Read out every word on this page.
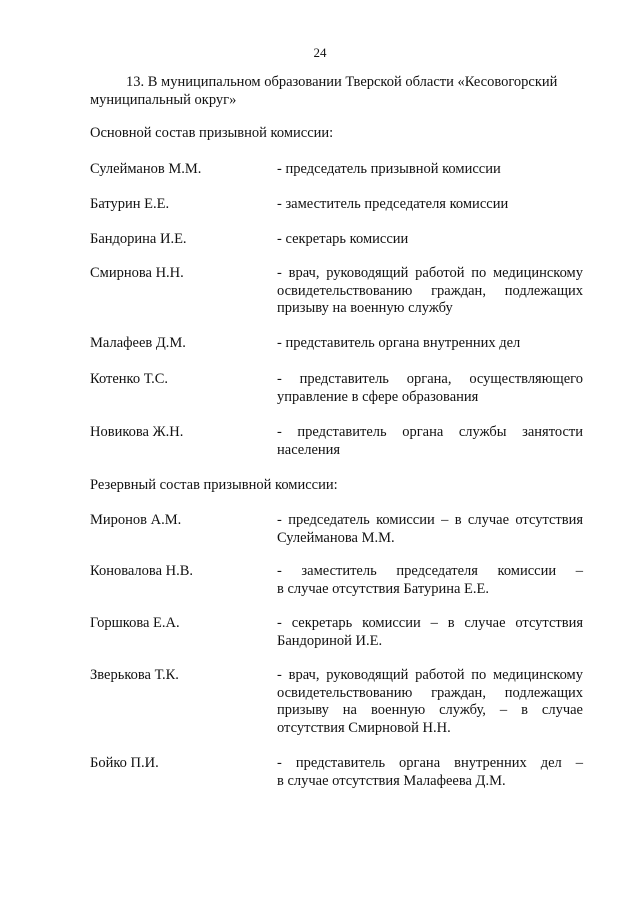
24
13. В муниципальном образовании Тверской области «Кесовогорский
муниципальный округ»
Основной состав призывной комиссии:
Сулейманов М.М.	- председатель призывной комиссии
Батурин Е.Е.	- заместитель председателя комиссии
Бандорина И.Е.	- секретарь комиссии
Смирнова Н.Н.	- врач, руководящий работой по медицинскому
освидетельствованию граждан, подлежащих
призыву на военную службу
Малафеев Д.М.	- представитель органа внутренних дел
Котенко Т.С.	- представитель органа, осуществляющего
управление в сфере образования
Новикова Ж.Н.	- представитель органа службы занятости
населения
Резервный состав призывной комиссии:
Миронов А.М.	- председатель комиссии – в случае отсутствия
Сулейманова М.М.
Коновалова Н.В.	- заместитель председателя комиссии –
в случае отсутствия Батурина Е.Е.
Горшкова Е.А.	- секретарь комиссии – в случае отсутствия
Бандориной И.Е.
Зверькова Т.К.	- врач, руководящий работой по медицинскому
освидетельствованию граждан, подлежащих
призыву на военную службу, – в случае
отсутствия Смирновой Н.Н.
Бойко П.И.	- представитель органа внутренних дел –
в случае отсутствия Малафеева Д.М.
